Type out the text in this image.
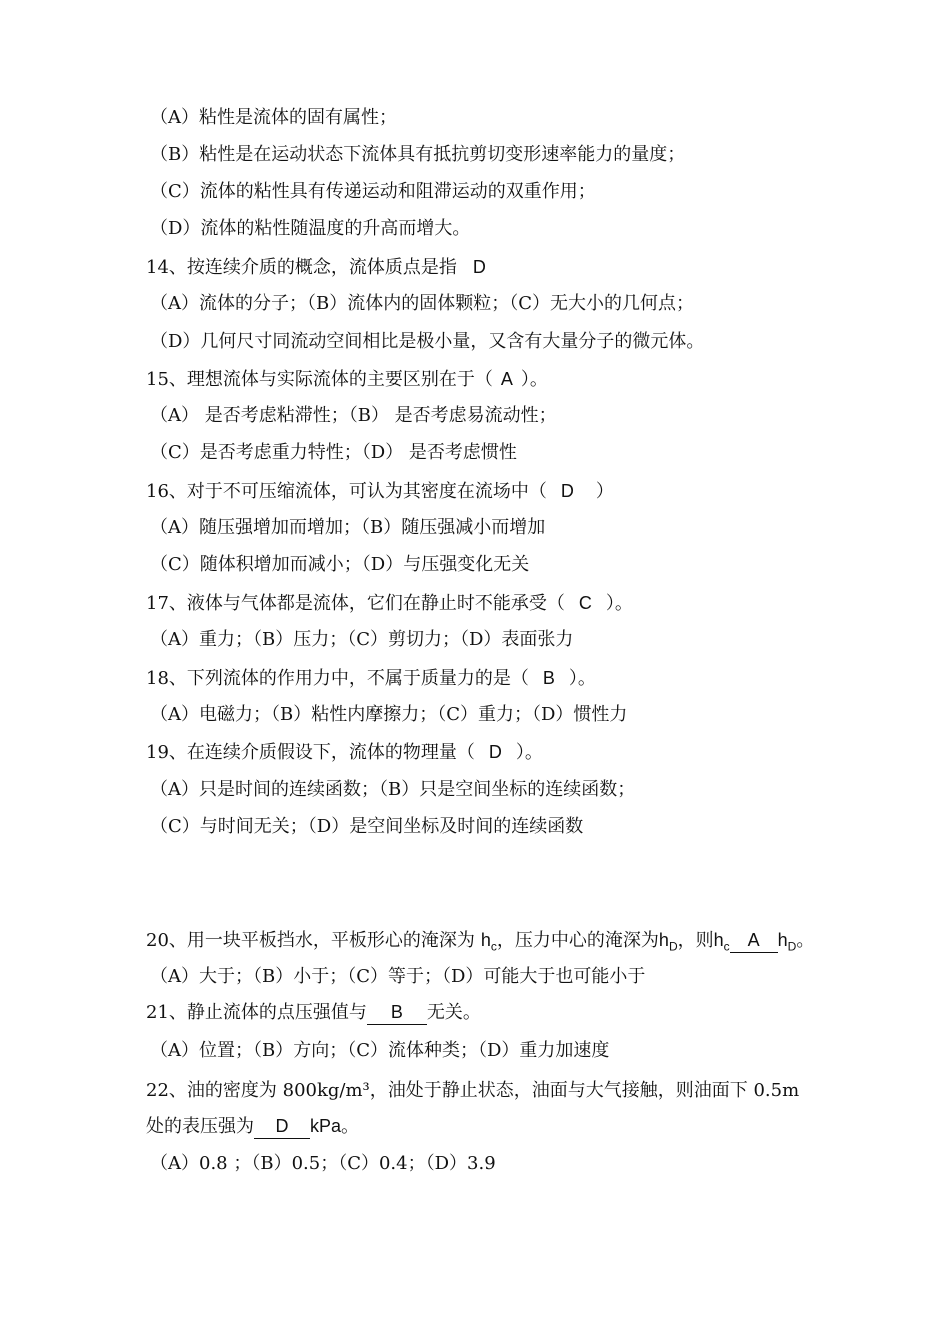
（A）粘性是流体的固有属性；
（B）粘性是在运动状态下流体具有抵抗剪切变形速率能力的量度；
（C）流体的粘性具有传递运动和阻滞运动的双重作用；
（D）流体的粘性随温度的升高而增大。
14、按连续介质的概念，流体质点是指 D
（A）流体的分子；（B）流体内的固体颗粒；（C）无大小的几何点；
（D）几何尺寸同流动空间相比是极小量，又含有大量分子的微元体。
15、理想流体与实际流体的主要区别在于（ A ）。
（A） 是否考虑粘滞性；（B） 是否考虑易流动性；
（C）是否考虑重力特性；（D） 是否考虑惯性
16、对于不可压缩流体，可认为其密度在流场中（ D ）
（A）随压强增加而增加；（B）随压强减小而增加
（C）随体积增加而减小；（D）与压强变化无关
17、液体与气体都是流体，它们在静止时不能承受（ C ）。
（A）重力；（B）压力；（C）剪切力；（D）表面张力
18、下列流体的作用力中，不属于质量力的是（ B ）。
（A）电磁力；（B）粘性内摩擦力；（C）重力；（D）惯性力
19、在连续介质假设下，流体的物理量（ D ）。
（A）只是时间的连续函数；（B）只是空间坐标的连续函数；
（C）与时间无关；（D）是空间坐标及时间的连续函数
20、用一块平板挡水，平板形心的淹深为 $h_c$，压力中心的淹深为$h_D$，则$h_c$ A $h_D$。
（A）大于；（B）小于；（C）等于；（D）可能大于也可能小于
21、静止流体的点压强值与 B 无关。
（A）位置；（B）方向；（C）流体种类；（D）重力加速度
22、油的密度为 800kg/m³，油处于静止状态，油面与大气接触，则油面下 0.5m
处的表压强为 D kPa。
（A）0.8 ；（B）0.5；（C）0.4；（D）3.9
